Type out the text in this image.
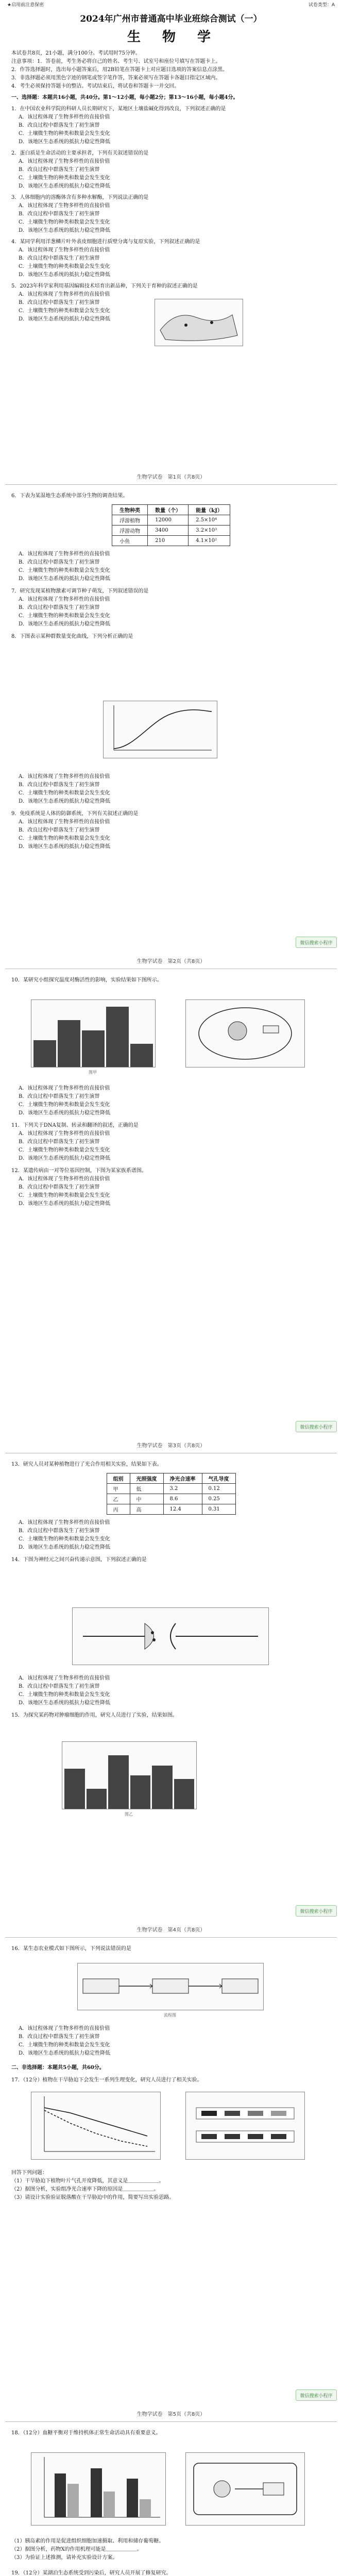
★启用前注意保密	试卷类型：A
2024年广州市普通高中毕业班综合测试（一）
生　物　学

本试卷共8页，21小题，满分100分。考试用时75分钟。

注意事项：1．答卷前，考生务必将自己的姓名、考生号、试室号和座位号填写在答题卡上。

2．作答选择题时，选出每小题答案后，用2B铅笔在答题卡上对应题目选项的答案信息点涂黑。

3．非选择题必须用黑色字迹的钢笔或签字笔作答，答案必须写在答题卡各题目指定区域内。

4．考生必须保持答题卡的整洁。考试结束后，将试卷和答题卡一并交回。

一、选择题：本题共16小题，共40分。第1～12小题，每小题2分；第13～16小题，每小题4分。

1．在中国农业科学院的科研人员长期研究下，某地区土壤盐碱化得到改良，下列叙述正确的是

A．该过程体现了生物多样性的直接价值

B．改良过程中群落发生了初生演替

C．土壤微生物的种类和数量会发生变化

D．该地区生态系统的抵抗力稳定性降低

2．蛋白质是生命活动的主要承担者，下列有关叙述错误的是

A．该过程体现了生物多样性的直接价值

B．改良过程中群落发生了初生演替

C．土壤微生物的种类和数量会发生变化

D．该地区生态系统的抵抗力稳定性降低

3．人体细胞内的溶酶体含有多种水解酶，下列说法正确的是

A．该过程体现了生物多样性的直接价值

B．改良过程中群落发生了初生演替

C．土壤微生物的种类和数量会发生变化

D．该地区生态系统的抵抗力稳定性降低

4．某同学利用洋葱鳞片叶外表皮细胞进行质壁分离与复原实验，下列叙述正确的是

A．该过程体现了生物多样性的直接价值

B．改良过程中群落发生了初生演替

C．土壤微生物的种类和数量会发生变化

D．该地区生态系统的抵抗力稳定性降低

5．2023年科学家利用基因编辑技术培育出新品种，下列关于育种的叙述正确的是

A．该过程体现了生物多样性的直接价值

B．改良过程中群落发生了初生演替

C．土壤微生物的种类和数量会发生变化

D．该地区生态系统的抵抗力稳定性降低

生物学试卷　第1页（共8页）

6．下表为某湿地生态系统中部分生物的调查结果。

生物种类	数量（个）	能量（kJ）
浮游植物	12000	2.5×10⁴
浮游动物	3400	3.2×10³
小鱼	210	4.1×10²

A．该过程体现了生物多样性的直接价值

B．改良过程中群落发生了初生演替

C．土壤微生物的种类和数量会发生变化

D．该地区生态系统的抵抗力稳定性降低

7．研究发现某植物激素可调节种子萌发，下列叙述错误的是

A．该过程体现了生物多样性的直接价值

B．改良过程中群落发生了初生演替

C．土壤微生物的种类和数量会发生变化

D．该地区生态系统的抵抗力稳定性降低

8．下图表示某种群数量变化曲线，下列分析正确的是

A．该过程体现了生物多样性的直接价值

B．改良过程中群落发生了初生演替

C．土壤微生物的种类和数量会发生变化

D．该地区生态系统的抵抗力稳定性降低

9．免疫系统是人体的防御系统，下列有关叙述正确的是

A．该过程体现了生物多样性的直接价值

B．改良过程中群落发生了初生演替

C．土壤微生物的种类和数量会发生变化

D．该地区生态系统的抵抗力稳定性降低

微信搜索小程序
生物学试卷　第2页（共8页）

10．某研究小组探究温度对酶活性的影响，实验结果如下图所示。

图甲

A．该过程体现了生物多样性的直接价值

B．改良过程中群落发生了初生演替

C．土壤微生物的种类和数量会发生变化

D．该地区生态系统的抵抗力稳定性降低

11．下列关于DNA复制、转录和翻译的叙述，正确的是

A．该过程体现了生物多样性的直接价值

B．改良过程中群落发生了初生演替

C．土壤微生物的种类和数量会发生变化

D．该地区生态系统的抵抗力稳定性降低

12．某遗传病由一对等位基因控制，下图为某家族系谱图。

A．该过程体现了生物多样性的直接价值

B．改良过程中群落发生了初生演替

C．土壤微生物的种类和数量会发生变化

D．该地区生态系统的抵抗力稳定性降低

微信搜索小程序
生物学试卷　第3页（共8页）

13．研究人员对某种植物进行了光合作用相关实验，结果如下表。

组别	光照强度	净光合速率	气孔导度
甲	低	3.2	0.12
乙	中	8.6	0.25
丙	高	12.4	0.31

A．该过程体现了生物多样性的直接价值

B．改良过程中群落发生了初生演替

C．土壤微生物的种类和数量会发生变化

D．该地区生态系统的抵抗力稳定性降低

14．下图为神经元之间兴奋传递示意图，下列叙述正确的是

A．该过程体现了生物多样性的直接价值

B．改良过程中群落发生了初生演替

C．土壤微生物的种类和数量会发生变化

D．该地区生态系统的抵抗力稳定性降低

15．为探究某药物对肿瘤细胞的作用，研究人员进行了实验，结果如图。

图乙
微信搜索小程序
生物学试卷　第4页（共8页）

16．某生态农业模式如下图所示，下列说法错误的是

流程图

A．该过程体现了生物多样性的直接价值

B．改良过程中群落发生了初生演替

C．土壤微生物的种类和数量会发生变化

D．该地区生态系统的抵抗力稳定性降低

二、非选择题：本题共5小题，共60分。

17．（12分）植物在干旱胁迫下会发生一系列生理变化，研究人员进行了相关实验。

回答下列问题：

（1）干旱胁迫下植物叶片气孔开度降低，其意义是＿＿＿＿＿＿。

（2）据图分析，实验组净光合速率下降的原因是＿＿＿＿＿＿。

（3）请设计实验验证脱落酸在干旱胁迫中的作用，简要写出实验思路。

微信搜索小程序
生物学试卷　第5页（共8页）

18．（12分）血糖平衡对于维持机体正常生命活动具有重要意义。

（1）胰岛素的作用是促进组织细胞加速摄取、利用和储存葡萄糖。

（2）据图分析，药物X的作用机理可能是＿＿＿＿＿＿。

（3）为验证上述推测，请补充实验设计方案。

19．（12分）某湖泊生态系统受到污染后，研究人员开展了修复研究。
